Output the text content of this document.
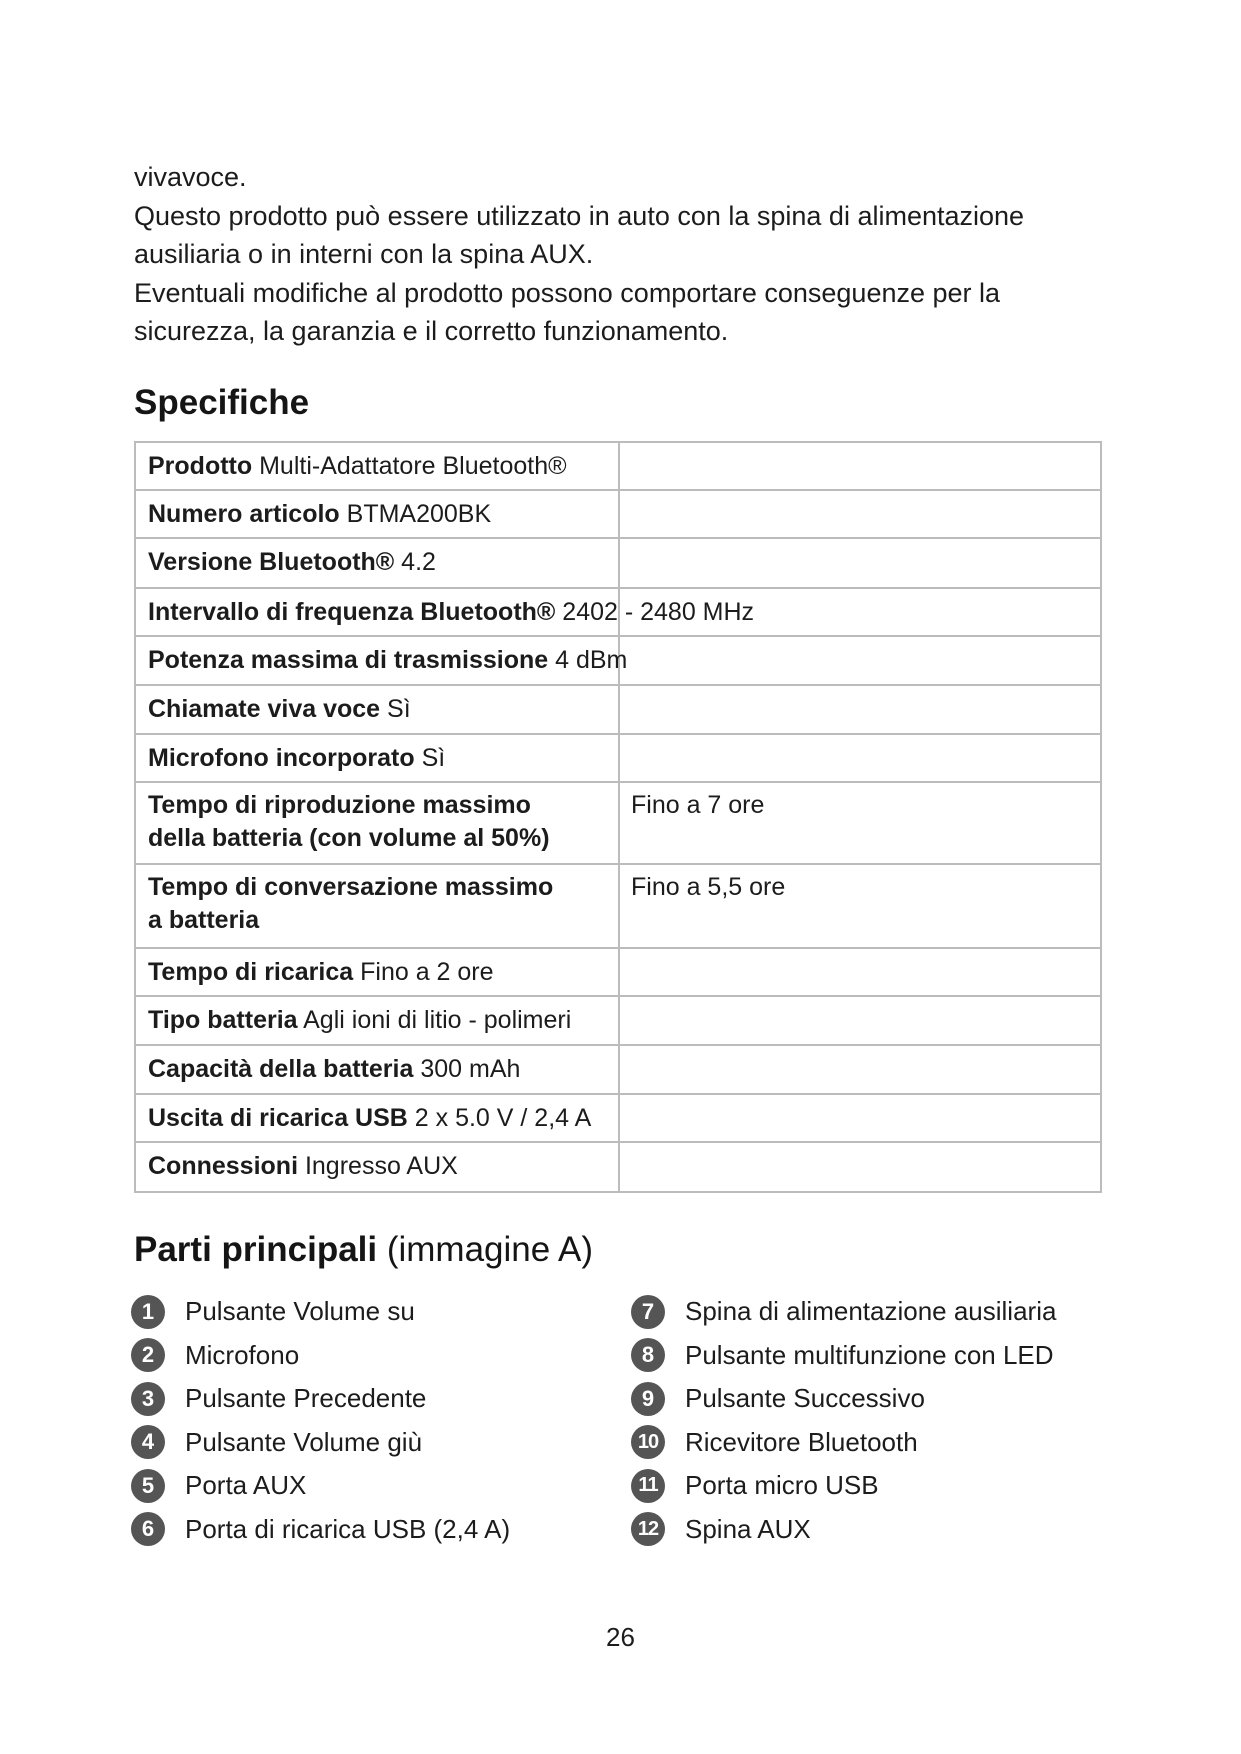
vivavoce.

Questo prodotto può essere utilizzato in auto con la spina di alimentazione

ausiliaria o in interni con la spina AUX.

Eventuali modifiche al prodotto possono comportare conseguenze per la

sicurezza, la garanzia e il corretto funzionamento.

Specifiche
Prodotto Multi-Adattatore Bluetooth®
Numero articolo BTMA200BK
Versione Bluetooth® 4.2
Intervallo di frequenza Bluetooth® 2402 - 2480 MHz
Potenza massima di trasmissione 4 dBm
Chiamate viva voce Sì
Microfono incorporato Sì
Tempo di riproduzione massimo
della batteria (con volume al 50%)
Fino a 7 ore
Tempo di conversazione massimo
a batteria
Fino a 5,5 ore
Tempo di ricarica Fino a 2 ore
Tipo batteria Agli ioni di litio - polimeri
Capacità della batteria 300 mAh
Uscita di ricarica USB 2 x 5.0 V / 2,4 A
Connessioni Ingresso AUX
Parti principali (immagine A)
1	Pulsante Volume su
2	Microfono
3	Pulsante Precedente
4	Pulsante Volume giù
5	Porta AUX
6	Porta di ricarica USB (2,4 A)
7	Spina di alimentazione ausiliaria
8	Pulsante multifunzione con LED
9	Pulsante Successivo
10 Ricevitore Bluetooth
11 Porta micro USB
12 Spina AUX
26
